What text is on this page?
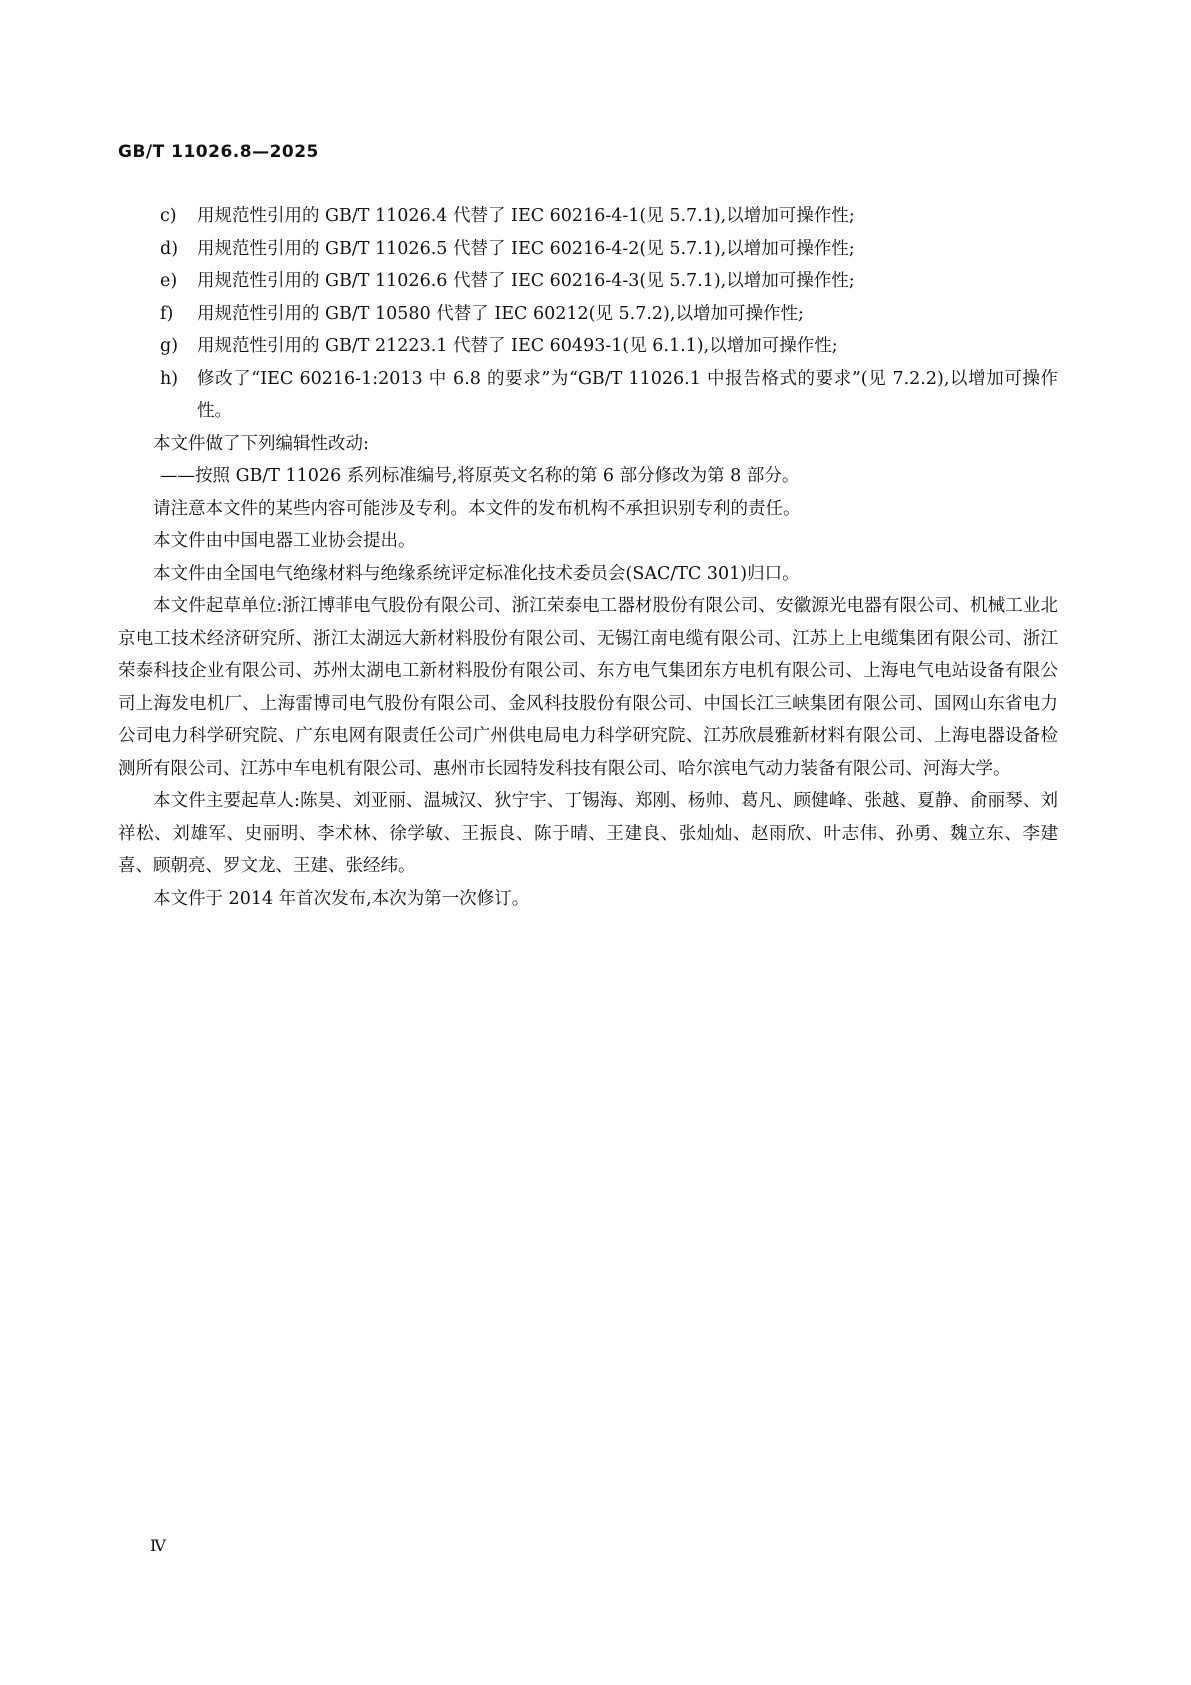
GB/T 11026.8—2025
c)	用规范性引用的 GB/T 11026.4 代替了 IEC 60216-4-1(见 5.7.1),以增加可操作性;
d)	用规范性引用的 GB/T 11026.5 代替了 IEC 60216-4-2(见 5.7.1),以增加可操作性;
e)	用规范性引用的 GB/T 11026.6 代替了 IEC 60216-4-3(见 5.7.1),以增加可操作性;
f)	用规范性引用的 GB/T 10580 代替了 IEC 60212(见 5.7.2),以增加可操作性;
g)	用规范性引用的 GB/T 21223.1 代替了 IEC 60493-1(见 6.1.1),以增加可操作性;
h)	修改了“IEC 60216-1:2013 中 6.8 的要求”为“GB/T 11026.1 中报告格式的要求”(见 7.2.2),以增加可操作性。

本文件做了下列编辑性改动:

——按照 GB/T 11026 系列标准编号,将原英文名称的第 6 部分修改为第 8 部分。

请注意本文件的某些内容可能涉及专利。本文件的发布机构不承担识别专利的责任。

本文件由中国电器工业协会提出。

本文件由全国电气绝缘材料与绝缘系统评定标准化技术委员会(SAC/TC 301)归口。

本文件起草单位:浙江博菲电气股份有限公司、浙江荣泰电工器材股份有限公司、安徽源光电器有限公司、机械工业北京电工技术经济研究所、浙江太湖远大新材料股份有限公司、无锡江南电缆有限公司、江苏上上电缆集团有限公司、浙江荣泰科技企业有限公司、苏州太湖电工新材料股份有限公司、东方电气集团东方电机有限公司、上海电气电站设备有限公司上海发电机厂、上海雷博司电气股份有限公司、金风科技股份有限公司、中国长江三峡集团有限公司、国网山东省电力公司电力科学研究院、广东电网有限责任公司广州供电局电力科学研究院、江苏欣晨雅新材料有限公司、上海电器设备检测所有限公司、江苏中车电机有限公司、惠州市长园特发科技有限公司、哈尔滨电气动力装备有限公司、河海大学。

本文件主要起草人:陈昊、刘亚丽、温城汉、狄宁宇、丁锡海、郑刚、杨帅、葛凡、顾健峰、张越、夏静、俞丽琴、刘祥松、刘雄军、史丽明、李术林、徐学敏、王振良、陈于晴、王建良、张灿灿、赵雨欣、叶志伟、孙勇、魏立东、李建喜、顾朝亮、罗文龙、王建、张经纬。

本文件于 2014 年首次发布,本次为第一次修订。

Ⅳ
